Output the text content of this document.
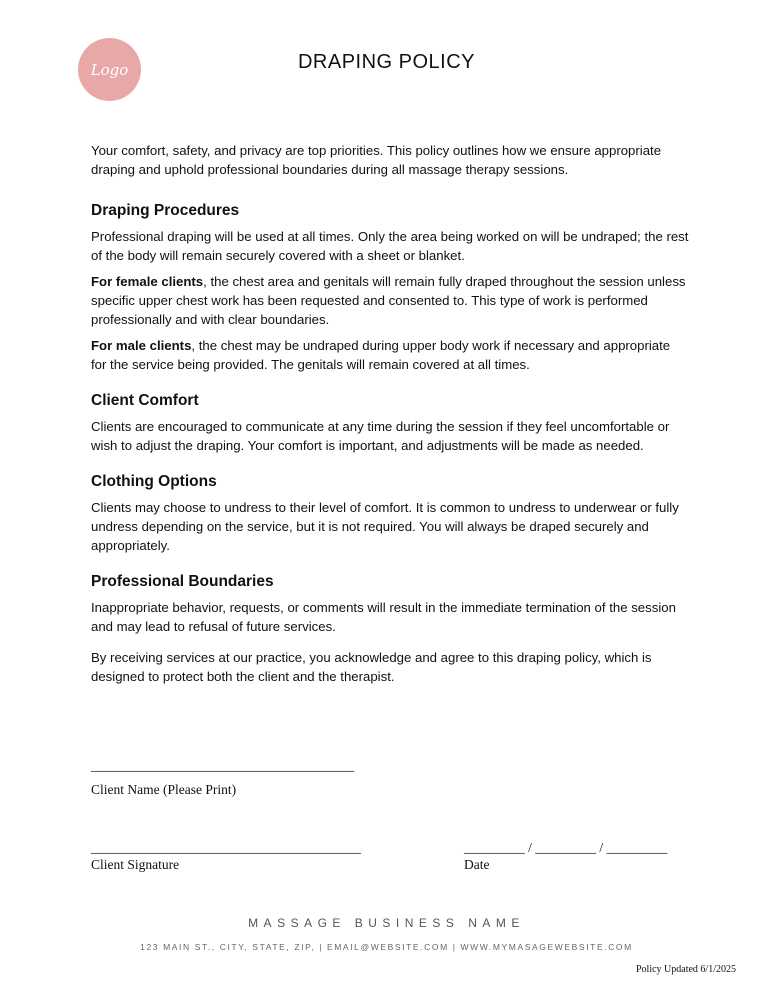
Logo	DRAPING POLICY

Your comfort, safety, and privacy are top priorities. This policy outlines how we ensure appropriate draping and uphold professional boundaries during all massage therapy sessions.

Draping Procedures

Professional draping will be used at all times. Only the area being worked on will be undraped; the rest of the body will remain securely covered with a sheet or blanket.

For female clients, the chest area and genitals will remain fully draped throughout the session unless specific upper chest work has been requested and consented to. This type of work is performed professionally and with clear boundaries.

For male clients, the chest may be undraped during upper body work if necessary and appropriate for the service being provided. The genitals will remain covered at all times.

Client Comfort

Clients are encouraged to communicate at any time during the session if they feel uncomfortable or wish to adjust the draping. Your comfort is important, and adjustments will be made as needed.

Clothing Options

Clients may choose to undress to their level of comfort. It is common to undress to underwear or fully undress depending on the service, but it is not required. You will always be draped securely and appropriately.

Professional Boundaries

Inappropriate behavior, requests, or comments will result in the immediate termination of the session and may lead to refusal of future services.

By receiving services at our practice, you acknowledge and agree to this draping policy, which is designed to protect both the client and the therapist.

_______________________________________
Client Name (Please Print)
________________________________________
Client Signature
_________ / _________ / _________
Date
MASSAGE BUSINESS NAME
123 MAIN ST., CITY, STATE, ZIP, | EMAIL@WEBSITE.COM | WWW.MYMASAGEWEBSITE.COM
Policy Updated 6/1/2025
